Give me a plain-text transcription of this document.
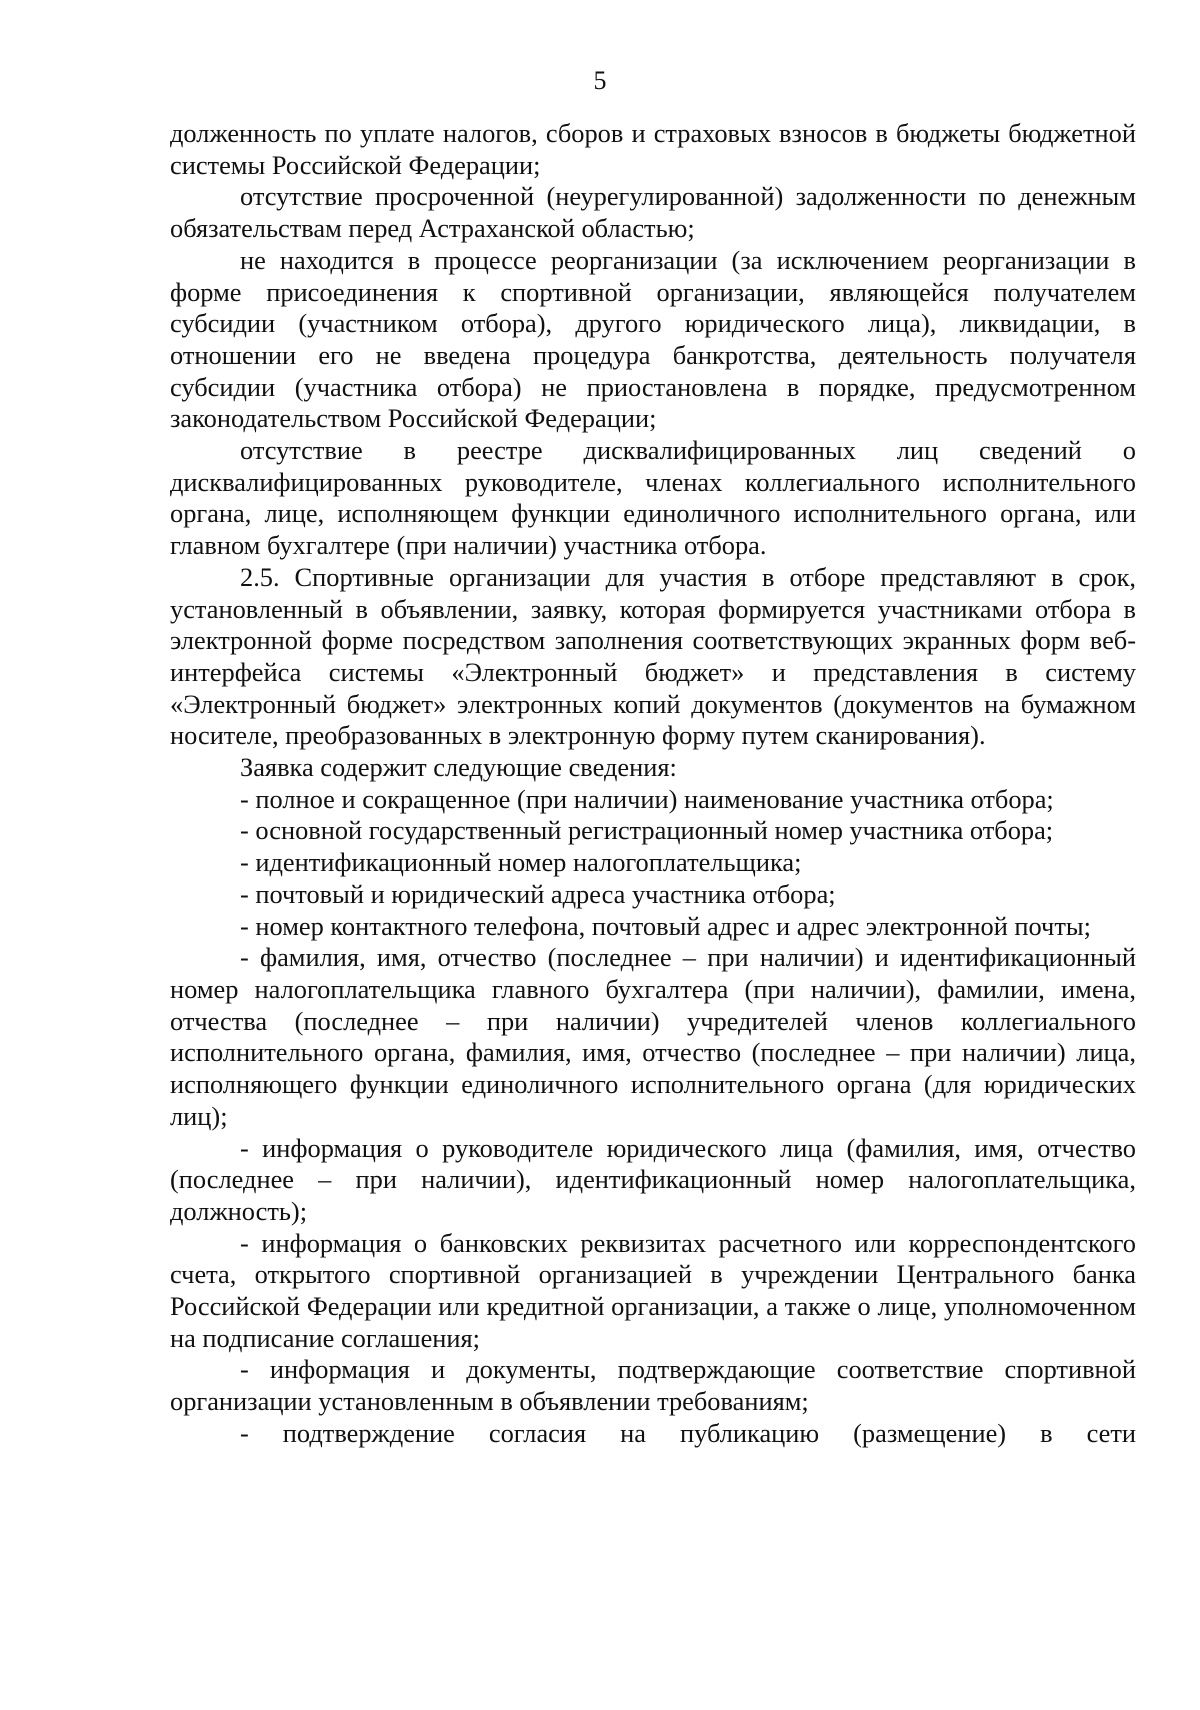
5

долженность по уплате налогов, сборов и страховых взносов в бюджеты бюджетной системы Российской Федерации;

отсутствие просроченной (неурегулированной) задолженности по денежным обязательствам перед Астраханской областью;

не находится в процессе реорганизации (за исключением реорганизации в форме присоединения к спортивной организации, являющейся получателем субсидии (участником отбора), другого юридического лица), ликвидации, в отношении его не введена процедура банкротства, деятельность получателя субсидии (участника отбора) не приостановлена в порядке, предусмотренном законодательством Российской Федерации;

отсутствие в реестре дисквалифицированных лиц сведений о дисквалифицированных руководителе, членах коллегиального исполнительного органа, лице, исполняющем функции единоличного исполнительного органа, или главном бухгалтере (при наличии) участника отбора.

2.5. Спортивные организации для участия в отборе представляют в срок, установленный в объявлении, заявку, которая формируется участниками отбора в электронной форме посредством заполнения соответствующих экранных форм веб-интерфейса системы «Электронный бюджет» и представления в систему «Электронный бюджет» электронных копий документов (документов на бумажном носителе, преобразованных в электронную форму путем сканирования).

Заявка содержит следующие сведения:

- полное и сокращенное (при наличии) наименование участника отбора;

- основной государственный регистрационный номер участника отбора;

- идентификационный номер налогоплательщика;

- почтовый и юридический адреса участника отбора;

- номер контактного телефона, почтовый адрес и адрес электронной почты;

- фамилия, имя, отчество (последнее – при наличии) и идентификационный номер налогоплательщика главного бухгалтера (при наличии), фамилии, имена, отчества (последнее – при наличии) учредителей членов коллегиального исполнительного органа, фамилия, имя, отчество (последнее – при наличии) лица, исполняющего функции единоличного исполнительного органа (для юридических лиц);

- информация о руководителе юридического лица (фамилия, имя, отчество (последнее – при наличии), идентификационный номер налогоплательщика, должность);

- информация о банковских реквизитах расчетного или корреспондентского счета, открытого спортивной организацией в учреждении Центрального банка Российской Федерации или кредитной организации, а также о лице, уполномоченном на подписание соглашения;

- информация и документы, подтверждающие соответствие спортивной организации установленным в объявлении требованиям;

- подтверждение согласия на публикацию (размещение) в сети
